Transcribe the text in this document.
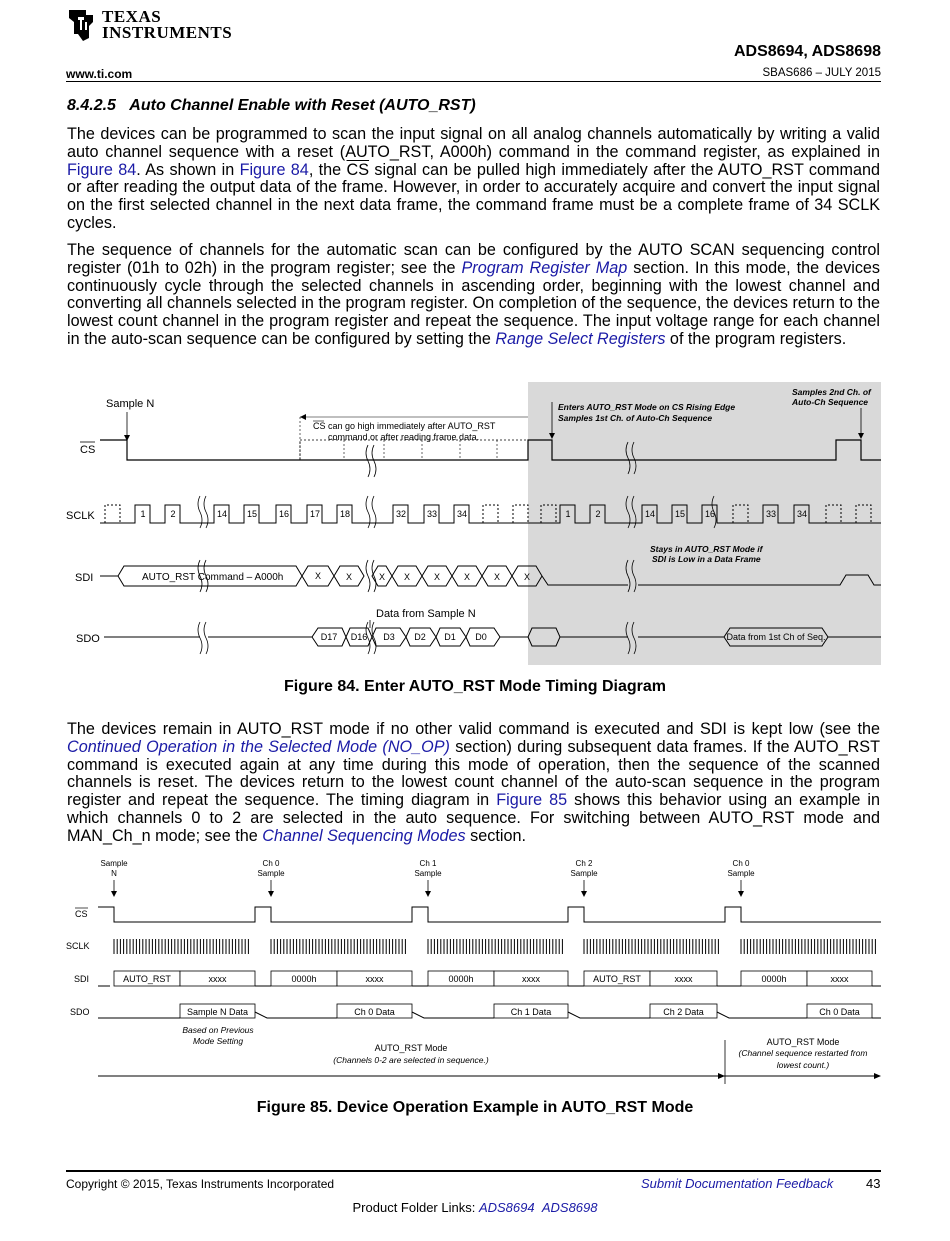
TEXAS
INSTRUMENTS
ADS8694, ADS8698
www.ti.com	SBAS686 – JULY 2015
8.4.2.5 Auto Channel Enable with Reset (AUTO_RST)
The devices can be programmed to scan the input signal on all analog channels automatically by writing a valid auto channel sequence with a reset (AUTO_RST, A000h) command in the command register, as explained in Figure 84. As shown in Figure 84, the $\overline{CS}$ signal can be pulled high immediately after the AUTO_RST command or after reading the output data of the frame. However, in order to accurately acquire and convert the input signal on the first selected channel in the next data frame, the command frame must be a complete frame of 34 SCLK cycles.
The sequence of channels for the automatic scan can be configured by the AUTO SCAN sequencing control register (01h to 02h) in the program register; see the Program Register Map section. In this mode, the devices continuously cycle through the selected channels in ascending order, beginning with the lowest channel and converting all channels selected in the program register. On completion of the sequence, the devices return to the lowest count channel in the program register and repeat the sequence. The input voltage range for each channel in the auto-scan sequence can be configured by setting the Range Select Registers of the program registers.
CS
SCLK
SDI
SDO
Sample N
CS can go high immediately after AUTO_RST
command or after reading frame data.
Enters AUTO_RST Mode on CS Rising Edge
Samples 1st Ch. of Auto-Ch Sequence
Samples 2nd Ch. of
Auto-Ch Sequence
1	2	14 15 16 17 18	32 33 34	1	2	14 15 16	33 34
AUTO_RST Command – A000h	X	X	X X	X	X	X	X
Stays in AUTO_RST Mode if
SDI is Low in a Data Frame
Data from Sample N
D17 D16 D3 D2 D1 D0	Data from 1st Ch of Seq.
Figure 84. Enter AUTO_RST Mode Timing Diagram
The devices remain in AUTO_RST mode if no other valid command is executed and SDI is kept low (see the Continued Operation in the Selected Mode (NO_OP) section) during subsequent data frames. If the AUTO_RST command is executed again at any time during this mode of operation, then the sequence of the scanned channels is reset. The devices return to the lowest count channel of the auto-scan sequence in the program register and repeat the sequence. The timing diagram in Figure 85 shows this behavior using an example in which channels 0 to 2 are selected in the auto sequence. For switching between AUTO_RST mode and MAN_Ch_n mode; see the Channel Sequencing Modes section.
Sample
N
Ch 0
Sample
Ch 1
Sample
Ch 2
Sample
Ch 0
Sample
CS
SCLK
SDI
SDO
AUTO_RST	xxxx	0000h	xxxx	0000h	xxxx	AUTO_RST	xxxx	0000h	xxxx
Sample N Data	Ch 0 Data	Ch 1 Data	Ch 2 Data	Ch 0 Data
Based on Previous
Mode Setting
AUTO_RST Mode
(Channels 0-2 are selected in sequence.)
AUTO_RST Mode
(Channel sequence restarted from
lowest count.)
Figure 85. Device Operation Example in AUTO_RST Mode
Copyright © 2015, Texas Instruments Incorporated	Submit Documentation Feedback	43
Product Folder Links: ADS8694 ADS8698
